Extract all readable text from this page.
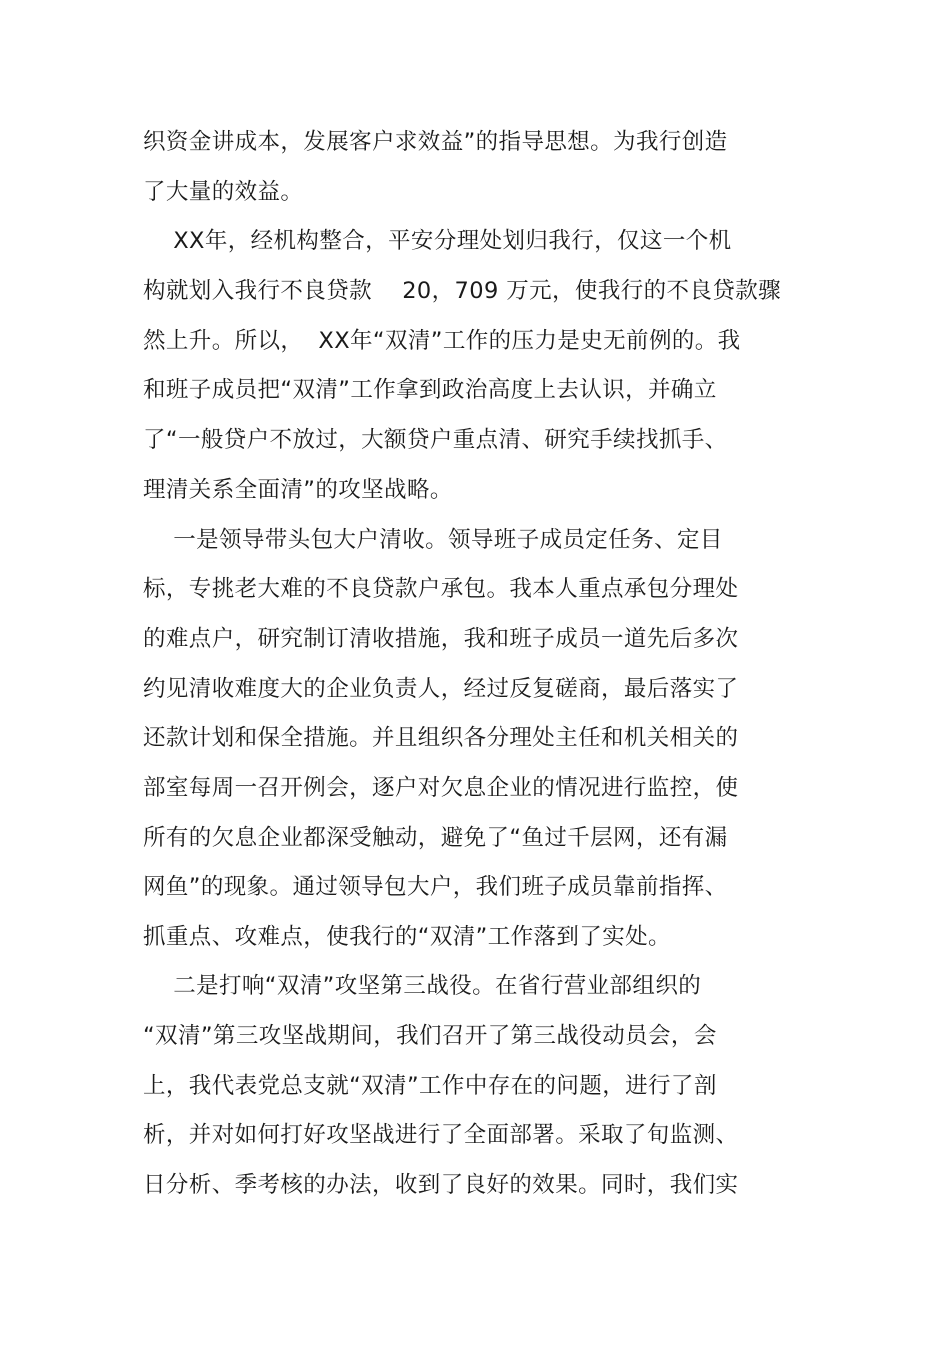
织资金讲成本，发展客户求效益”的指导思想。为我行创造
了大量的效益。
XX年，经机构整合，平安分理处划归我行，仅这一个机
构就划入我行不良贷款    20，709 万元，使我行的不良贷款骤
然上升。所以，  XX年“双清”工作的压力是史无前例的。我
和班子成员把“双清”工作拿到政治高度上去认识，并确立
了“一般贷户不放过，大额贷户重点清、研究手续找抓手、
理清关系全面清”的攻坚战略。
一是领导带头包大户清收。领导班子成员定任务、定目
标，专挑老大难的不良贷款户承包。我本人重点承包分理处
的难点户，研究制订清收措施，我和班子成员一道先后多次
约见清收难度大的企业负责人，经过反复磋商，最后落实了
还款计划和保全措施。并且组织各分理处主任和机关相关的
部室每周一召开例会，逐户对欠息企业的情况进行监控，使
所有的欠息企业都深受触动，避免了“鱼过千层网，还有漏
网鱼”的现象。通过领导包大户，我们班子成员靠前指挥、
抓重点、攻难点，使我行的“双清”工作落到了实处。
二是打响“双清”攻坚第三战役。在省行营业部组织的
“双清”第三攻坚战期间，我们召开了第三战役动员会，会
上，我代表党总支就“双清”工作中存在的问题，进行了剖
析，并对如何打好攻坚战进行了全面部署。采取了旬监测、
日分析、季考核的办法，收到了良好的效果。同时，我们实
